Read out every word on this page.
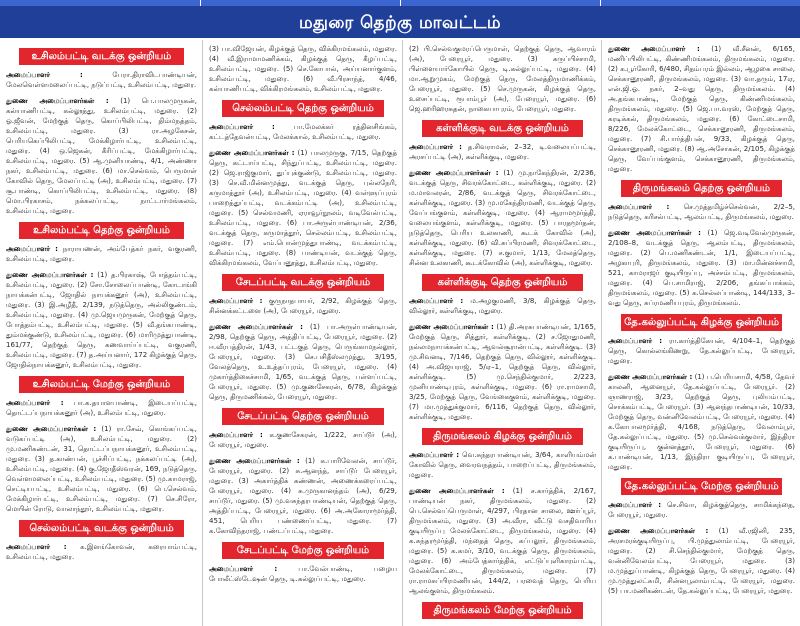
மதுரை தெற்கு மாவட்டம்
உசிலம்பட்டி வடக்கு ஒன்றியம்
அமைப்பாளர் :	பேரா.திராவிடபாண்டியன், மேலவெள்ளமலைப்பட்டி, நடுப்பட்டி, உசிலம்பட்டி, மதுரை.
துணை அமைப்பாளர்கள் : (1) பெ.பாலமுருகன், கல்யாணிபட்டி, கல்லூத்து, உசிலம்பட்டி, மதுரை. (2) ஓ.ஜீவன், மேற்குத் தெரு, கொப்பிலிபட்டி, திம்மநத்தம், உசிலம்பட்டி, மதுரை. (3) ரா.அழகேசன், பெரியகெப்பிலிபட்டி, மேக்கிழார்பட்டி, உசிலம்பட்டி, மதுரை. (4) ஒ.ஜெகன், கீரிப்பட்டி, மேக்கிழார்பட்டி, உசிலம்பட்டி, மதுரை. (5) ஆ.முனியாண்டி, 4/1, அண்ணா நகர், உசிலம்பட்டி, மதுரை. (6) மா.செல்வம், பெருமாள் கோவில் தெரு, மேலப்பட்டி (அ), உசிலம்பட்டி, மதுரை. (7) சூ.பாண்டி, கொப்பிலிபட்டி, உசிலம்பட்டி, மதுரை. (8) மொ.பிரகாசம், நக்கலப்பட்டி, நாட்டார்மங்கலம், உசிலம்பட்டி, மதுரை.
உசிலம்பட்டி தெற்கு ஒன்றியம்
அமைப்பாளர் : நாராயணன், அம்பேத்கர் நகர், வகுரணி, உசிலம்பட்டி, மதுரை.
துணை அமைப்பாளர்கள் : (1) த.பிரகாஷ், போத்தம்பட்டி, உசிலம்பட்டி, மதுரை. (2) சோ.சோலைப்பாண்டி, கோடாங்கி நாயக்கன்பட்டி, ஜோதில் நாயக்கனூர் (அ), உசிலம்பட்டி, மதுரை. (3) இ.அழீதீ, 2/139, நடுத்தெரு, அல்லிகுண்டம், உசிலம்பட்டி, மதுரை. (4) மு.ஜெயமுருகன், மேற்குத் தெரு, போத்தம்பட்டி, உசிலம்பட்டி, மதுரை. (5) வீ.தங்கபாண்டி, தும்மக்குண்டு, உசிலம்பட்டி, மதுரை. (6) மாரிமுத்துபாண்டி, 161/77, தெற்குத் தெரு, கணவாய்ப்பட்டி, வகுரணி, உசிலம்பட்டி, மதுரை. (7) த.அய்யனார், 172 கிழக்குத் தெரு, ஜோதில்நாயக்கனூர், உசிலம்பட்டி, மதுரை.
உசிலம்பட்டி மேற்கு ஒன்றியம்
அமைப்பாளர் : பா.க.தயாளபாண்டி, இடையப்பட்டி, தொட்டப்பநாயக்கனூர் (அ), உசிலம்பட்டி, மதுரை.
துணை அமைப்பாளர்கள் : (1) ரா.சேவ், கொங்கப்பட்டி, வடுகப்பட்டி (அ), உசிலம்பட்டி, மதுரை. (2) மு.மணிகண்டன், 31, தொட்டப்பநாயக்கனூர், உசிலம்பட்டி, மதுரை. (3) த.காண்பன், பூச்சிப்பட்டி, நக்கலப்பட்டி (அ), உசிலம்பட்டி, மதுரை. (4) கு.ஜோதீஸ்வரன், 169, நடுத்தெரு, வெள்ளமலைப்பட்டி, உசிலம்பட்டி, மதுரை. (5) மு.காமராஜ், செட்டியபட்டி, உசிலம்பட்டி, மதுரை. (6) பெ.செல்வம், மேக்கிழார்பட்டி, உசிலம்பட்டி, மதுரை. (7) செ.சிரோ, மெயின் ரோடு, வாலாந்தூர், உசிலம்பட்டி, மதுரை.
செல்லம்பட்டி வடக்கு ஒன்றியம்
அமைப்பாளர் : க.இளங்கோவன், கரையாம்பட்டி, உசிலம்பட்டி, மதுரை.
(3) பா.விஜேயன், கிழக்குத் தெரு, விக்கிரமங்கலம், மதுரை. (4) வீ.இராமாமணிக்கம், கிழக்குத் தெரு, கீழப்பட்டி, உசிலம்பட்டி, மதுரை. (5) செ.கோபால், அய்யனார்குளம், உசிலம்பட்டி, மதுரை. (6) வீ.பிரசாந்த், 4/46, கல்யாணிபட்டி, விக்கிரமங்கலம், உசிலம்பட்டி, மதுரை.
செல்லம்பட்டி தெற்கு ஒன்றியம்
அமைப்பாளர் :	பா.மேலக்கர் ரத்தினசிங்கம், கட்டத்தேவன்பட்டி, மேலக்கால், உசிலம்பட்டி, மதுரை.
துணை அமைப்பாளர்கள் : (1) பாலமுருகு, 7/15, தெற்குத் தெரு, கட்டாய்பட்டி, சிந்துப்பட்டி, உசிலம்பட்டி, மதுரை. (2) ஜெ.ராஜ்குமார், துப்புக்குண்டு, உசிலம்பட்டி, மதுரை. (3) செ.வீ.மின்னமுத்து, வடக்குத் தெரு, புல்லநேரி, கருமாத்தூர் (அ), உசிலம்பட்டி, மதுரை. (4) வள்ளுப்புரம் பாறைத்துப்பட்டி, வடக்கம்பட்டி (அ), உசிலம்பட்டி, மதுரை. (5) செல்வமணி, ஏராவூர்நூலம், வடிவேல்பட்டி, உசிலம்பட்டி, மதுரை. (6) பா.அருள்பாண்டியன், 2/36, வடக்குத் தெரு, கருமாத்தூர், செல்லம்பட்டி, உசிலம்பட்டி, மதுரை. (7) எம்.பொன்முத்துபாண்டி, வடக்கம்பட்டி, உசிலம்பட்டி, மதுரை. (8) பாண்டியன், வடக்குத் தெரு, விக்கிரமங்கலம், வேப்பனூத்து, உசிலம்பட்டி, மதுரை.
சேடப்பட்டி வடக்கு ஒன்றியம்
அமைப்பாளர் : குருநாதபாயர், 2/92, கிழக்குத் தெரு, சின்னக்கட்டளை (அ), பேரையூர், மதுரை.
துணை அமைப்பாளர்கள் : (1) பா.அருள்பாண்டியன், 2/98, தெற்குத் தெரு, அத்திப்பட்டி, பேரையூர், மதுரை. (2) ஈ.வீரபத்திரன், 1/43, பட்டகுத் தெரு, பெருங்காமநல்லூர், பேரையூர், மதுரை. (3) செ.பசிதீஸ்லமுத்து, 3/195, வேலத்தெரு, உ.உத்தப்புரம், பேரையூர், மதுரை. (4) முகார்த்திகைச்சாமி, 1/65, வடக்குத் தெரு, பள்ளப்பட்டி, பேரையூர், மதுரை. (5) மு.குணசேகரன், 6/78, கிழக்குத் தெரு, திருமணிக்கல், பேரையூர், மதுரை.
சேடப்பட்டி தெற்கு ஒன்றியம்
அமைப்பாளர் : க.குணசேகரன், 1/222, சாப்டூர் (அ), பேரையூர், மதுரை.
துணை அமைப்பாளர்கள் : (1) க.பாரிவேலன், சாப்டூர், பேரையூர், மதுரை. (2) சு.ஆனந்த், சாப்டூர் பேரையூர், மதுரை. (3) அகார்த்திக் கண்ணன், அணைக்கரைப்பட்டி, பேரையூர், மதுரை. (4) சு.முருகானந்தம் (அ), 6/29, சாப்டூர், மதுரை. (5) மு.வசுந்தரபாண்டியன், தெற்குத் தெரு, அத்திப்பட்டி, பேரையூர், மதுரை. (6) அ.அகோராமூர்த்தி, 451, பெரிய பண்ணைப்பட்டி, மதுரை. (7) க.கோவிந்தராஜ், பண்டப்பட்டி, மதுரை.
சேடப்பட்டி மேற்கு ஒன்றியம்
அமைப்பாளர் :	பா.வேல்பாண்டி, பழைய போலீட்ஸ்டேஷன் தெரு, டி.கல்லுப்பட்டி, மதுரை.
(2) பி.செல்வகுமரப்பெருமாள், தெற்குத் தெரு, ஆவாரம் (அ), பேரையூர், மதுரை. (3) கருப்பிச்சாமி, பிள்ளையார்கோயில் தெரு, டி.கல்லுப்பட்டி, மதுரை. (4) மா.ஆறுமுகம், மேற்குத் தெரு, மேலத்திருமாணிக்கம், பேரையூர், மதுரை. (5) செ.முருகன், கிழக்குத் தெரு, உசைப்பட்டி, ரூபாம்பூர் (அ), பேரையூர், மதுரை. (6) ஜெ.ஹரிஹரசுதன், நாகையாபுரம், பேரையூர், மதுரை.
கள்ளிக்குடி வடக்கு ஒன்றியம்
அமைப்பாளர் : த.சிவராமன், 2–32, டி.வலையப்பட்டி, அரசப்பட்டி (அ), கள்ளிக்குடி, மதுரை.
துணை அமைப்பாளர்கள் : (1) மு.நாகேந்திரன், 2/236, வடக்குத் தெரு, சிவரக்கோட்டை, கள்ளிக்குடி, மதுரை. (2) ம.மாவலரன், 2/86, வடக்குத் தெரு, சிவரக்கோட்டை, கள்ளிக்குடி, மதுரை. (3) மு.மகேந்திரமணி, வடக்குத் தெரு, வேப்பங்குளம், கள்ளிக்குடி, மதுரை. (4) ஆராமமூர்த்தி, வலையங்குளம், கள்ளிக்குடி, மதுரை. (5) பாரதமூர்தன், நடுத்தெரு, பெரிய உலகாணி, கூடக் கோவில் (அ), கள்ளிக்குடி, மதுரை. (6) வி.சுப்பிரமணி, சிவரக்கோட்டை, கள்ளிக்குடி, மதுரை. (7) ச.குமார், 1/13, மேலத்தெரு, சின்ன உலகாணி, கூடக்கோவில் (அ), கள்ளிக்குடி, மதுரை.
கள்ளிக்குடி தெற்கு ஒன்றியம்
அமைப்பாளர் : ம.அழகுமணி, 3/8, கிழக்குத் தெரு, வில்லூர், கள்ளிக்குடி, மதுரை.
துணை அமைப்பாளர்கள் : (1) தி.அரசுபாண்டியன், 1/165, மேற்குத் தெரு, சித்தூர், கள்ளிக்குடி. (2) ச.ஜோதுமணி, நல்லமநாயக்கன்பட்டி, ஆவல்சூரான்பட்டி, கள்ளிக்குடி. (3) மு.சிவனடி, 7/146, தெற்குத் தெரு, வில்லூர், கள்ளிக்குடி. (4) அ.விஜயராஜ், 5/ஏ–1, தெற்குத் தெரு, வில்லூர், கள்ளிக்குடி. (5) மு.செந்தில்குமார், 2/223, முனியாண்டிபுரம், கள்ளிக்குடி, மதுரை. (6) ரா.ராமசாமி, 3/25, மேற்குத் தெரு, வேங்கைகுளம், கள்ளிக்குடி, மதுரை. (7) மா.முத்துக்குமார், 6/116, தெற்குத் தெரு, வில்லூர், கள்ளிக்குடி, மதுரை.
திருமங்கலம் கிழக்கு ஒன்றியம்
அமைப்பாளர் : வெ.சுந்தரபாண்டியன், 3/64, காளியம்மன் கோவில் தெரு, வைரவநத்தம், பாறைப்பட்டி, திருமங்கலம், மதுரை.
துணை அமைப்பாளர்கள் : (1) ச.கார்த்திக், 2/167, பாண்டியன் நகர், திருமங்கலம், மதுரை. (2) பெ.செல்வப்பெருமாள், 4/297, பிரதான சாலை, ஊர்ப்பூர், திருமங்கலம், மதுரை. (3) அ.வீரா, வீட்டு வசதிவாரிய குடியிருப்பு மேலக்கோட்டை, திருமங்கலம், மதுரை. (4) க.சுந்தரமூர்த்தி, மந்தைத் தெரு, கப்பலூர், திருமங்கலம், மதுரை. (5) க.கமர், 3/10, வடக்குத் தெரு, திருமங்கலம், மதுரை. (6) அம்பேத்கார்த்திக், எட்டுப்புளிகாரம்பட்டி, மேலக்கோட்டை, திருமங்கலம், மதுரை. (7) ரா.ராமசுப்பிரமணியன், 144/2, பரவைத் தெரு, பெரிய ஆலங்குளம், திருமங்கலம்.
திருமங்கலம் மேற்கு ஒன்றியம்
துணை அமைப்பாளர் : (1) வீ.சீனன், 6/165, மணிப்பிலிபட்டி, கிண்ணிமங்கலம், திருமங்கலம், மதுரை. (2) க.பூர்கோரி, 6/480, சிதம்பரம் இல்லம், ஆழகை சாலை, செக்கானூரணி, திருமங்கலம், மதுரை. (3) வா.தரும், 17ஏ, என்.ஜி.ஓ. நகர், 2–வது தெரு, திருமங்கலம். (4) அ.தங்கபாண்டி, மேற்குத் தெரு, கிண்ணிமங்கலம், திருமங்கலம், மதுரை. (5) ஜெ.பா.வரஸ், மேற்குத் தெரு, கரடிக்கல், திருமங்கலம், மதுரை. (6) கோட்டைசாமி, 8/226, மேலக்கோட்டை, செக்கானூரணி, திருமங்கலம், மதுரை. (7) சி.பார்த்திபன், 9/33, கிழக்குத் தெரு, செக்கானூரணி, மதுரை. (8) ஆ.அசோகன், 2/105, கிழக்குத் தெரு, வேப்பங்குளம், செக்கானூரணி, திருமங்கலம், மதுரை.
திருமங்கலம் தெற்கு ஒன்றியம்
அமைப்பாளர் : செ.முத்தமிழ்ச்செல்வன், 2/2–5, நடுத்தெரு, கரிசல்பட்டி, ஆலம்பட்டி, திருமங்கலம், மதுரை.
துணை அமைப்பாளர்கள் : (1) ஜெ.வடிவேல்முருகன், 2/108–8, வடக்குத் தெரு, ஆலம்பட்டி, திருமங்கலம், மதுரை. (2) பெ.மணிகண்டன், 1/1, இடையப்பட்டி, அழகாபுரி, திருமங்கலம், மதுரை. (3) மா.மின்னச்சாமி, 521, காமராஜர் குடியிருப்பு, அச்சம்பட்டி, திருமங்கலம், மதுரை. (4) பெ.சாமிராஜ், 2/206, தங்கப்பாக்கம், திருமங்கலம், மதுரை. (5) க.செல்லப்பாண்டி, 144/133, 3–வது தெரு, சுப்ரமணியபுரம், திருமங்கலம்.
தே.கல்லுப்பட்டி கிழக்கு ஒன்றியம்
அமைப்பாளர் : ரா.கார்த்திகேயன், 4/104–1, தெற்குத் தெரு, கொல்லங்கிணறு, தே.கல்லுப்பட்டி, பேரையூர், மதுரை.
துணை அமைப்பாளர்கள் : (1) ப.பெரியசாமி, 4/58, தேவர் காலனி, ஆனையூர், தே.கல்லுப்பட்டி, பேரையூர். (2) ஞாணராஜ், 3/23, தெற்குத் தெரு, புலியம்பட்டி, சொக்கம்பட்டி, பேரையூர். (3) ஆனந்தபாண்டியன், 10/33, மேற்குத் தெரு, வன்னிவேலம்பட்டி, பேரையூர், மதுரை. (4) க.கோபாலமூர்த்தி, 4/168, நடுத்தெரு, வேலாம்பூர், தே.கல்லுப்பட்டி, மதுரை. (5) மு.செல்வக்குமார், இந்திரா குடியிருப்பு, குன்னத்தூர், பேரையூர், மதுரை. (6) க.பாண்டியன், 1/13, இந்திரா குடியிருப்பு, பேரையூர், மதுரை.
தே.கல்லுப்பட்டி மேற்கு ஒன்றியம்
அமைப்பாளர் : செ.சிவா, கிழக்குத்தெரு, சாமிக்கந்தை, பேரையூர், மதுரை.
துணை அமைப்பாளர்கள் : (1) வீ.ரஜினி, 235, அரசமரக்குடியிருப்பு, பி.முத்துலாம்பட்டி, பேரையூர், மதுரை. (2) சி.செந்தில்குமார், மேற்குத் தெரு, வன்னிவேலம்பட்டி, பேரையூர், மதுரை. (3) ம.முத்துப்பாண்டி, கிழக்குத் தெரு, பேரையூர், மதுரை. (4) மு.முத்துலட்சுமி, சின்னபூலாம்பட்டி, பேரையூர், மதுரை. (5) பா.மணிகண்டன், தே.கல்லுப்பட்டி, பேரையூர், மதுரை.
